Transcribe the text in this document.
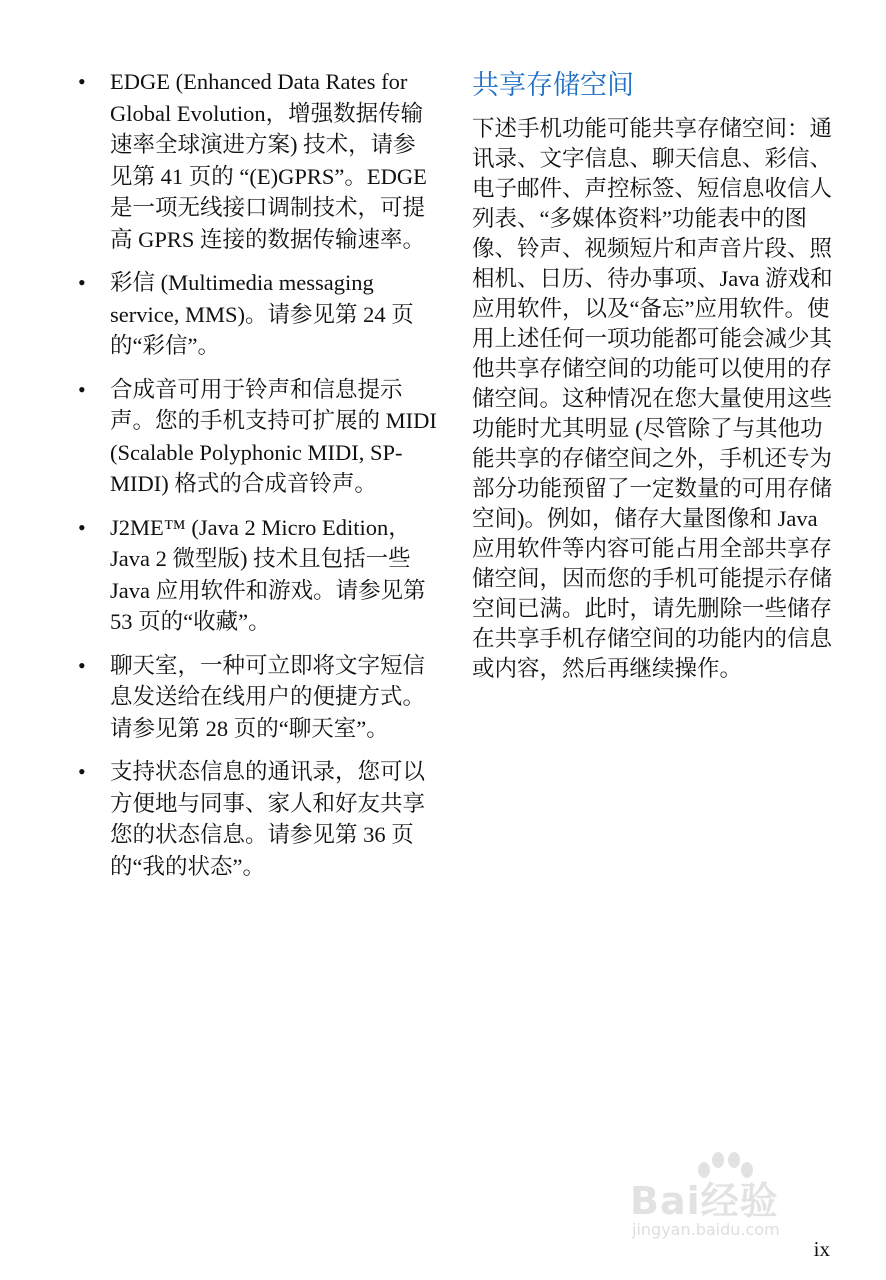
• EDGE (Enhanced Data Rates for Global Evolution，增强数据传输速率全球演进方案) 技术，请参见第 41 页的 “(E)GPRS”。EDGE 是一项无线接口调制技术，可提高 GPRS 连接的数据传输速率。
• 彩信 (Multimedia messaging service, MMS)。请参见第 24 页的“彩信”。
• 合成音可用于铃声和信息提示声。您的手机支持可扩展的 MIDI (Scalable Polyphonic MIDI, SP-MIDI) 格式的合成音铃声。
• J2ME™ (Java 2 Micro Edition，Java 2 微型版) 技术且包括一些 Java 应用软件和游戏。请参见第 53 页的“收藏”。
• 聊天室，一种可立即将文字短信息发送给在线用户的便捷方式。请参见第 28 页的“聊天室”。
• 支持状态信息的通讯录，您可以方便地与同事、家人和好友共享您的状态信息。请参见第 36 页的“我的状态”。
共享存储空间

下述手机功能可能共享存储空间：通讯录、文字信息、聊天信息、彩信、电子邮件、声控标签、短信息收信人列表、“多媒体资料”功能表中的图像、铃声、视频短片和声音片段、照相机、日历、待办事项、Java 游戏和应用软件，以及“备忘”应用软件。使用上述任何一项功能都可能会减少其他共享存储空间的功能可以使用的存储空间。这种情况在您大量使用这些功能时尤其明显 (尽管除了与其他功能共享的存储空间之外，手机还专为部分功能预留了一定数量的可用存储空间)。例如，储存大量图像和 Java 应用软件等内容可能占用全部共享存储空间，因而您的手机可能提示存储空间已满。此时，请先删除一些储存在共享手机存储空间的功能内的信息或内容，然后再继续操作。

Bai经验
jingyan.baidu.com
ix
